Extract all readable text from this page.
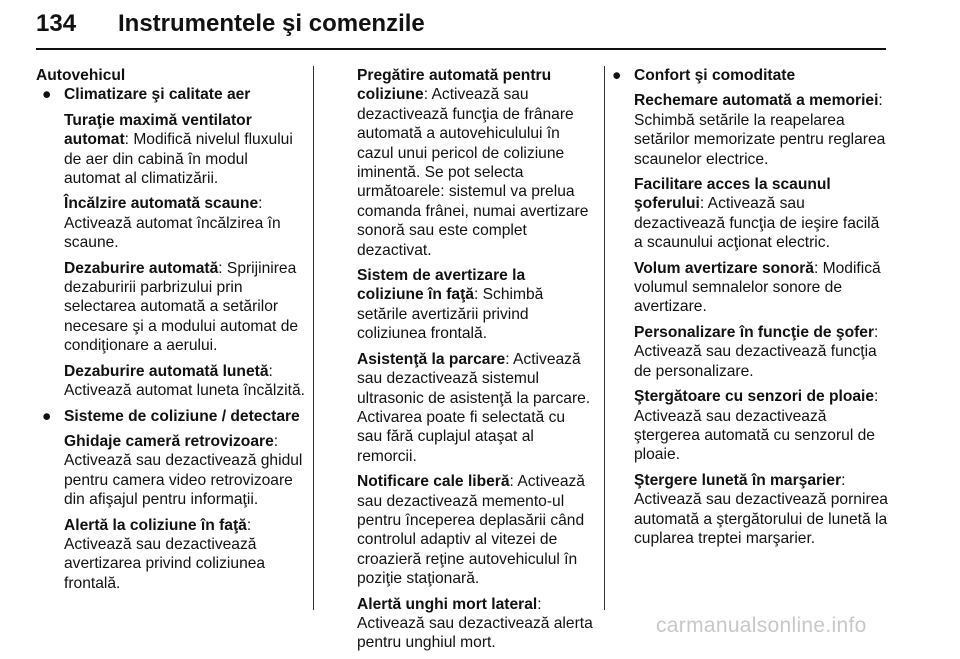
134 Instrumentele şi comenzile
Autovehicul
● Climatizare şi calitate aer

Turaţie maximă ventilator automat: Modifică nivelul fluxului de aer din cabină în modul automat al climatizării.

Încălzire automată scaune: Activează automat încălzirea în scaune.

Dezaburire automată: Sprijinirea dezaburirii parbrizului prin selectarea automată a setărilor necesare şi a modului automat de condiţionare a aerului.

Dezaburire automată lunetă: Activează automat luneta încălzită.

● Sisteme de coliziune / detectare

Ghidaje cameră retrovizoare: Activează sau dezactivează ghidul pentru camera video retrovizoare din afişajul pentru informaţii.

Alertă la coliziune în faţă: Activează sau dezactivează avertizarea privind coliziunea frontală.

Pregătire automată pentru coliziune: Activează sau dezactivează funcţia de frânare automată a autovehiculului în cazul unui pericol de coliziune iminentă. Se pot selecta următoarele: sistemul va prelua comanda frânei, numai avertizare sonoră sau este complet dezactivat.

Sistem de avertizare la coliziune în faţă: Schimbă setările avertizării privind coliziunea frontală.

Asistenţă la parcare: Activează sau dezactivează sistemul ultrasonic de asistenţă la parcare. Activarea poate fi selectată cu sau fără cuplajul ataşat al remorcii.

Notificare cale liberă: Activează sau dezactivează memento-ul pentru începerea deplasării când controlul adaptiv al vitezei de croazieră reţine autovehiculul în poziţie staţionară.

Alertă unghi mort lateral: Activează sau dezactivează alerta pentru unghiul mort.

● Confort şi comoditate

Rechemare automată a memoriei: Schimbă setările la reapelarea setărilor memorizate pentru reglarea scaunelor electrice.

Facilitare acces la scaunul şoferului: Activează sau dezactivează funcţia de ieşire facilă a scaunului acţionat electric.

Volum avertizare sonoră: Modifică volumul semnalelor sonore de avertizare.

Personalizare în funcţie de şofer: Activează sau dezactivează funcţia de personalizare.

Ştergătoare cu senzori de ploaie: Activează sau dezactivează ştergerea automată cu senzorul de ploaie.

Ştergere lunetă în marşarier: Activează sau dezactivează pornirea automată a ştergătorului de lunetă la cuplarea treptei marşarier.

carmanualsonline.info
